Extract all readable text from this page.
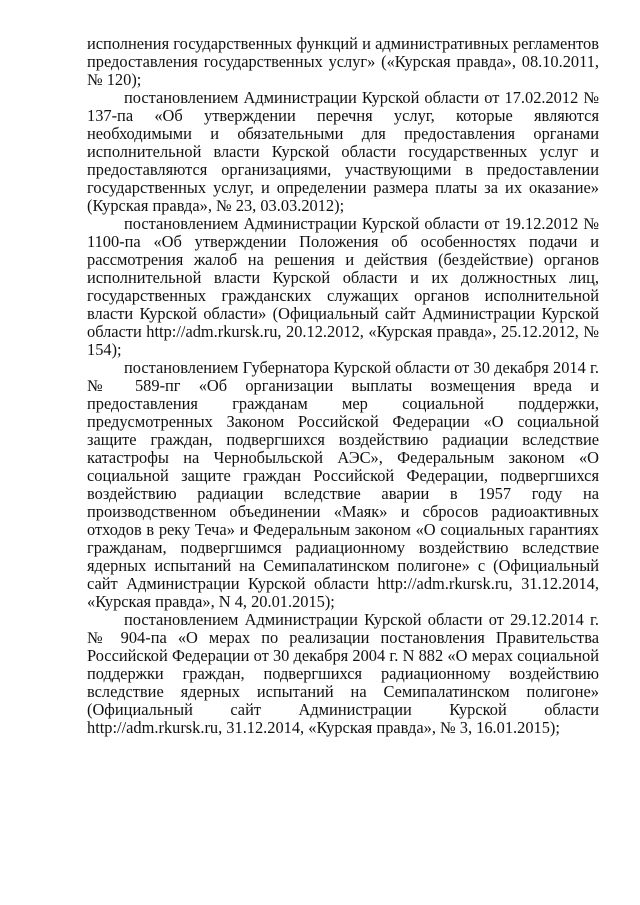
исполнения государственных функций и административных регламентов предоставления государственных услуг» («Курская правда», 08.10.2011, № 120);

постановлением Администрации Курской области от 17.02.2012 № 137-па «Об утверждении перечня услуг, которые являются необходимыми и обязательными для предоставления органами исполнительной власти Курской области государственных услуг и предоставляются организациями, участвующими в предоставлении государственных услуг, и определении размера платы за их оказание» (Курская правда», № 23, 03.03.2012);

постановлением Администрации Курской области от 19.12.2012 № 1100-па «Об утверждении Положения об особенностях подачи и рассмотрения жалоб на решения и действия (бездействие) органов исполнительной власти Курской области и их должностных лиц, государственных гражданских служащих органов исполнительной власти Курской области» (Официальный сайт Администрации Курской области http://adm.rkursk.ru, 20.12.2012, «Курская правда», 25.12.2012, № 154);

постановлением Губернатора Курской области от 30 декабря 2014 г. № 589-пг «Об организации выплаты возмещения вреда и предоставления гражданам мер социальной поддержки, предусмотренных Законом Российской Федерации «О социальной защите граждан, подвергшихся воздействию радиации вследствие катастрофы на Чернобыльской АЭС», Федеральным законом «О социальной защите граждан Российской Федерации, подвергшихся воздействию радиации вследствие аварии в 1957 году на производственном объединении «Маяк» и сбросов радиоактивных отходов в реку Теча» и Федеральным законом «О социальных гарантиях гражданам, подвергшимся радиационному воздействию вследствие ядерных испытаний на Семипалатинском полигоне» с (Официальный сайт Администрации Курской области http://adm.rkursk.ru, 31.12.2014, «Курская правда», N 4, 20.01.2015);

постановлением Администрации Курской области от 29.12.2014 г. № 904-па «О мерах по реализации постановления Правительства Российской Федерации от 30 декабря 2004 г. N 882 «О мерах социальной поддержки граждан, подвергшихся радиационному воздействию вследствие ядерных испытаний на Семипалатинском полигоне» (Официальный сайт Администрации Курской области http://adm.rkursk.ru, 31.12.2014, «Курская правда», № 3, 16.01.2015);
